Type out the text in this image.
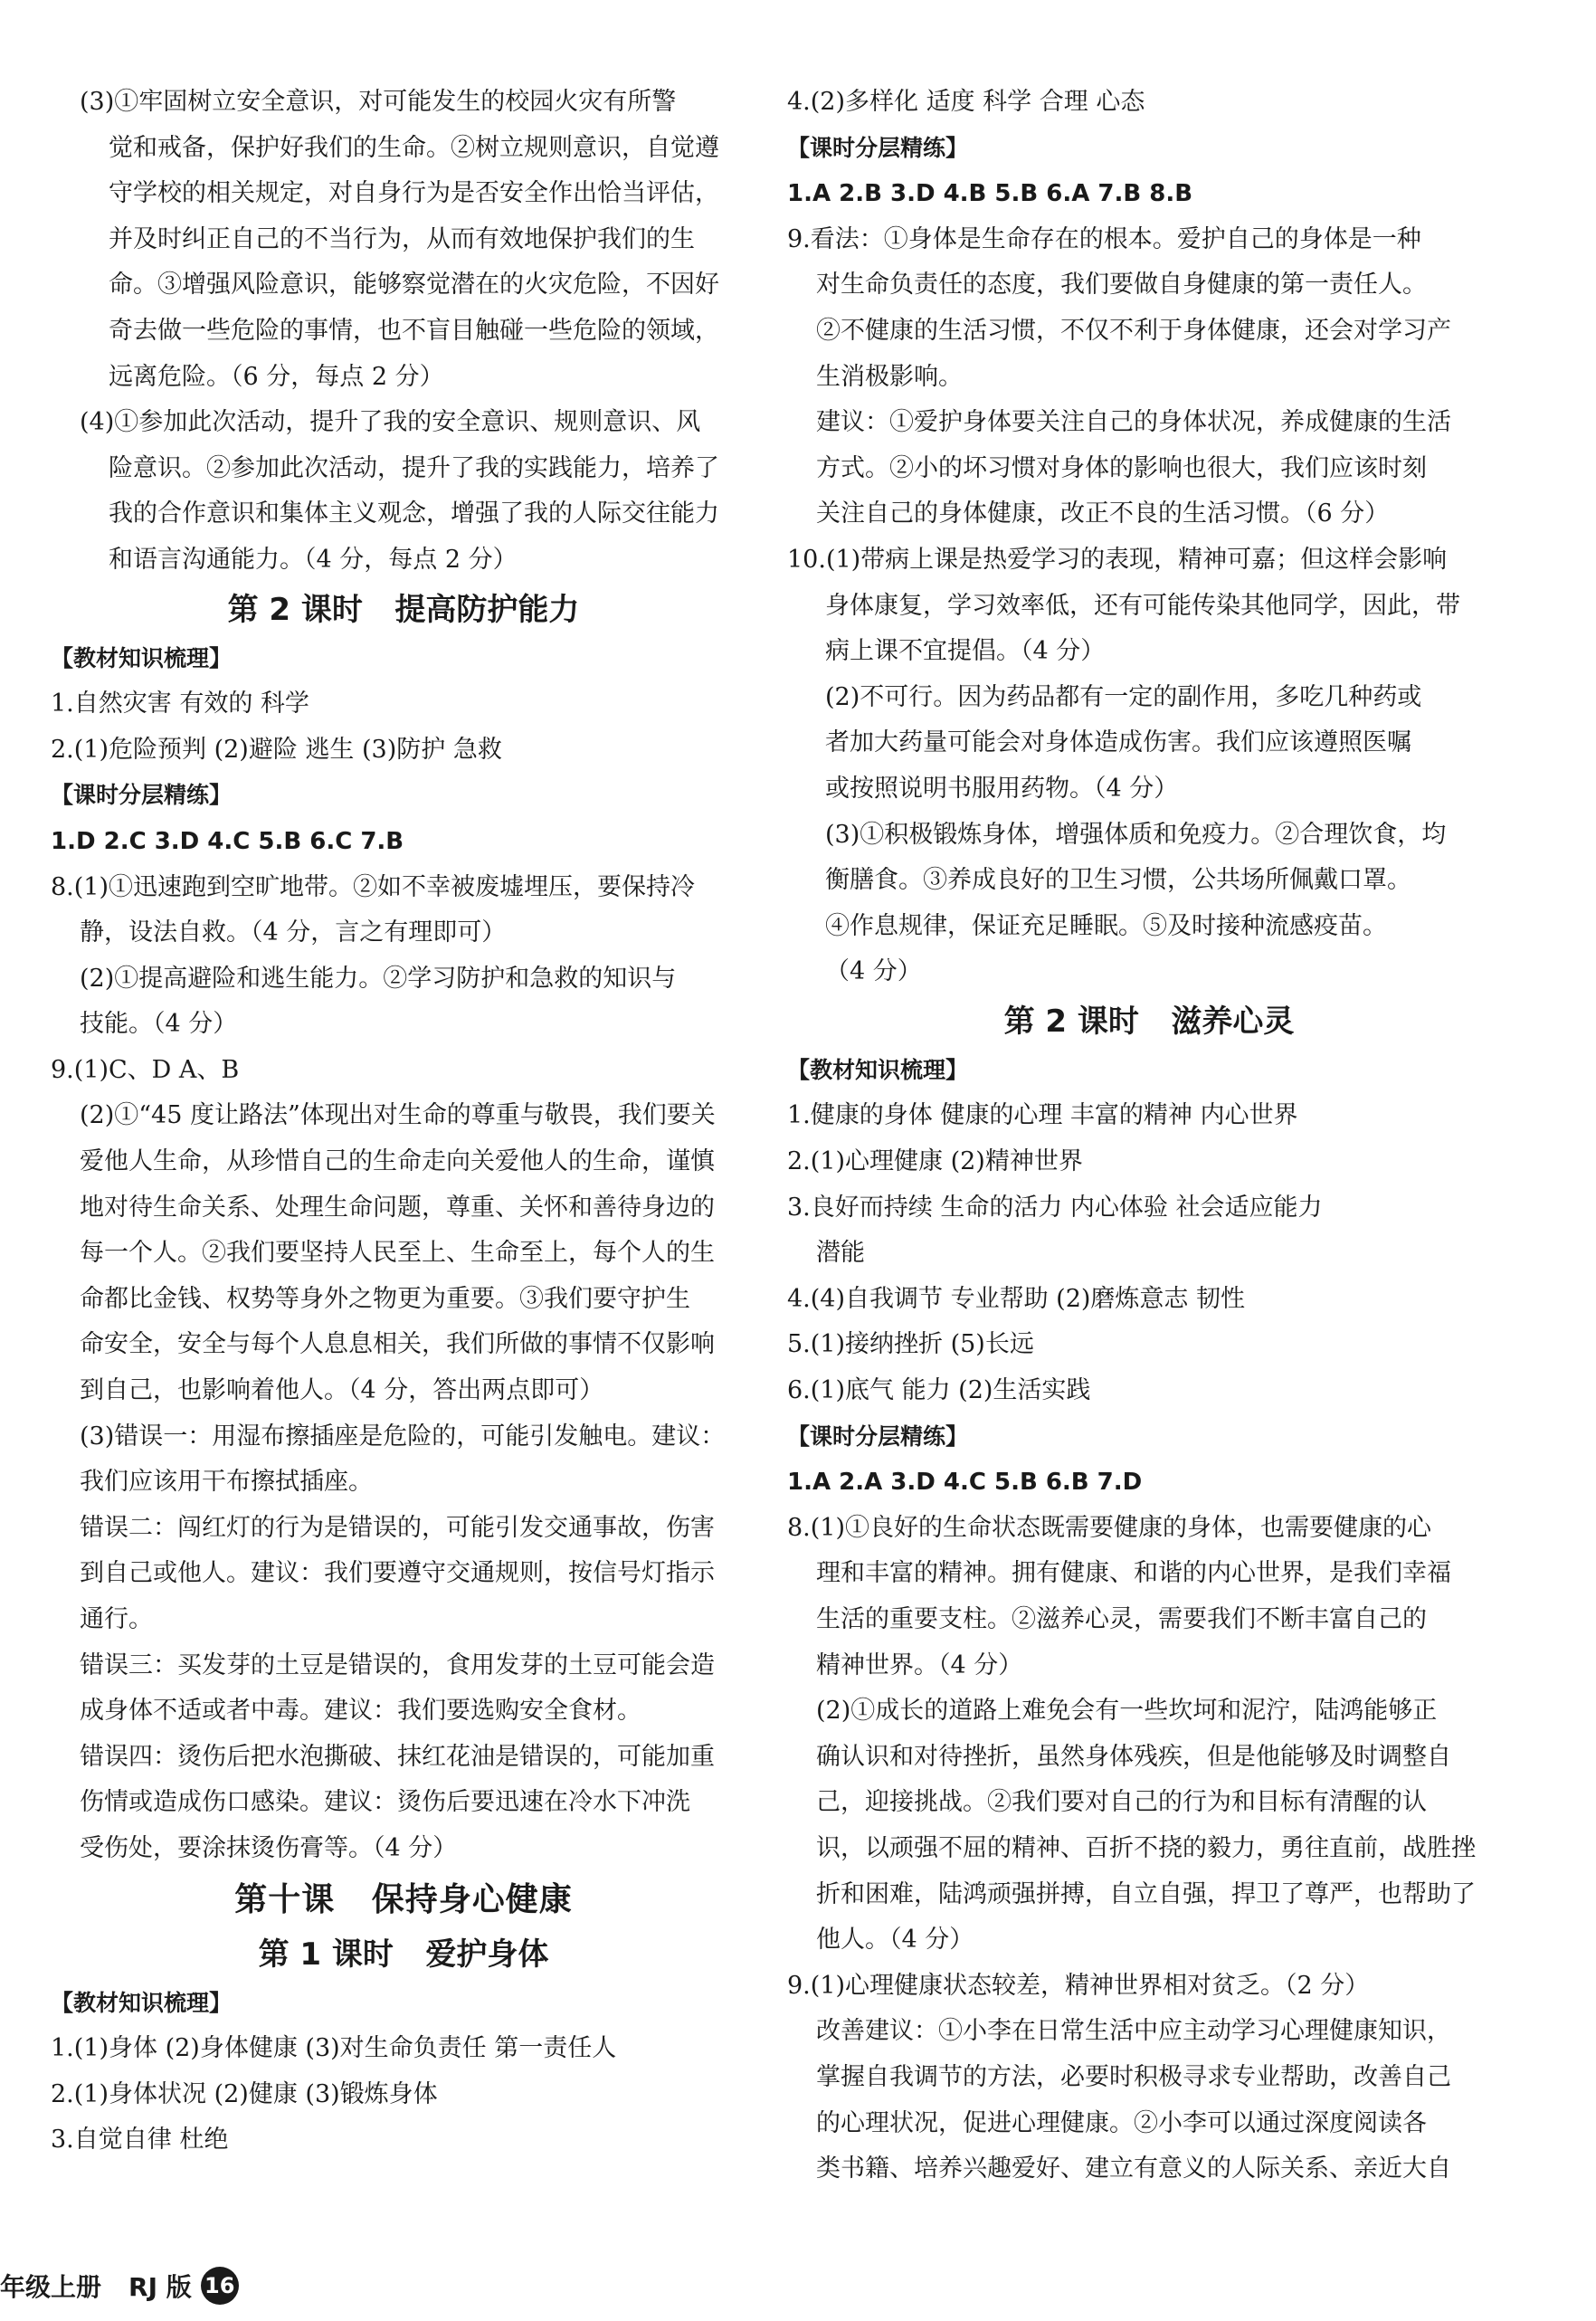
(3)①牢固树立安全意识，对可能发生的校园火灾有所警
觉和戒备，保护好我们的生命。②树立规则意识，自觉遵
守学校的相关规定，对自身行为是否安全作出恰当评估，
并及时纠正自己的不当行为，从而有效地保护我们的生
命。③增强风险意识，能够察觉潜在的火灾危险，不因好
奇去做一些危险的事情，也不盲目触碰一些危险的领域，
远离危险。（6 分，每点 2 分）
(4)①参加此次活动，提升了我的安全意识、规则意识、风
险意识。②参加此次活动，提升了我的实践能力，培养了
我的合作意识和集体主义观念，增强了我的人际交往能力
和语言沟通能力。（4 分，每点 2 分）
第 2 课时   提高防护能力
【教材知识梳理】
1.自然灾害 有效的 科学
2.(1)危险预判 (2)避险 逃生 (3)防护 急救
【课时分层精练】
1.D 2.C 3.D 4.C 5.B 6.C 7.B
8.(1)①迅速跑到空旷地带。②如不幸被废墟埋压，要保持冷
静，设法自救。（4 分，言之有理即可）
(2)①提高避险和逃生能力。②学习防护和急救的知识与
技能。（4 分）
9.(1)C、D A、B
(2)①“45 度让路法”体现出对生命的尊重与敬畏，我们要关
爱他人生命，从珍惜自己的生命走向关爱他人的生命，谨慎
地对待生命关系、处理生命问题，尊重、关怀和善待身边的
每一个人。②我们要坚持人民至上、生命至上，每个人的生
命都比金钱、权势等身外之物更为重要。③我们要守护生
命安全，安全与每个人息息相关，我们所做的事情不仅影响
到自己，也影响着他人。（4 分，答出两点即可）
(3)错误一：用湿布擦插座是危险的，可能引发触电。建议：
我们应该用干布擦拭插座。
错误二：闯红灯的行为是错误的，可能引发交通事故，伤害
到自己或他人。建议：我们要遵守交通规则，按信号灯指示
通行。
错误三：买发芽的土豆是错误的，食用发芽的土豆可能会造
成身体不适或者中毒。建议：我们要选购安全食材。
错误四：烫伤后把水泡撕破、抹红花油是错误的，可能加重
伤情或造成伤口感染。建议：烫伤后要迅速在冷水下冲洗
受伤处，要涂抹烫伤膏等。（4 分）
第十课   保持身心健康
第 1 课时   爱护身体
【教材知识梳理】
1.(1)身体 (2)身体健康 (3)对生命负责任 第一责任人
2.(1)身体状况 (2)健康 (3)锻炼身体
3.自觉自律 杜绝
4.(2)多样化 适度 科学 合理 心态
【课时分层精练】
1.A 2.B 3.D 4.B 5.B 6.A 7.B 8.B
9.看法：①身体是生命存在的根本。爱护自己的身体是一种
对生命负责任的态度，我们要做自身健康的第一责任人。
②不健康的生活习惯，不仅不利于身体健康，还会对学习产
生消极影响。
建议：①爱护身体要关注自己的身体状况，养成健康的生活
方式。②小的坏习惯对身体的影响也很大，我们应该时刻
关注自己的身体健康，改正不良的生活习惯。（6 分）
10.(1)带病上课是热爱学习的表现，精神可嘉；但这样会影响
身体康复，学习效率低，还有可能传染其他同学，因此，带
病上课不宜提倡。（4 分）
(2)不可行。因为药品都有一定的副作用，多吃几种药或
者加大药量可能会对身体造成伤害。我们应该遵照医嘱
或按照说明书服用药物。（4 分）
(3)①积极锻炼身体，增强体质和免疫力。②合理饮食，均
衡膳食。③养成良好的卫生习惯，公共场所佩戴口罩。
④作息规律，保证充足睡眠。⑤及时接种流感疫苗。
（4 分）
第 2 课时   滋养心灵
【教材知识梳理】
1.健康的身体 健康的心理 丰富的精神 内心世界
2.(1)心理健康 (2)精神世界
3.良好而持续 生命的活力 内心体验 社会适应能力
潜能
4.(4)自我调节 专业帮助 (2)磨炼意志 韧性
5.(1)接纳挫折 (5)长远
6.(1)底气 能力 (2)生活实践
【课时分层精练】
1.A 2.A 3.D 4.C 5.B 6.B 7.D
8.(1)①良好的生命状态既需要健康的身体，也需要健康的心
理和丰富的精神。拥有健康、和谐的内心世界，是我们幸福
生活的重要支柱。②滋养心灵，需要我们不断丰富自己的
精神世界。（4 分）
(2)①成长的道路上难免会有一些坎坷和泥泞，陆鸿能够正
确认识和对待挫折，虽然身体残疾，但是他能够及时调整自
己，迎接挑战。②我们要对自己的行为和目标有清醒的认
识，以顽强不屈的精神、百折不挠的毅力，勇往直前，战胜挫
折和困难，陆鸿顽强拼搏，自立自强，捍卫了尊严，也帮助了
他人。（4 分）
9.(1)心理健康状态较差，精神世界相对贫乏。（2 分）
改善建议：①小李在日常生活中应主动学习心理健康知识，
掌握自我调节的方法，必要时积极寻求专业帮助，改善自己
的心理状况，促进心理健康。②小李可以通过深度阅读各
类书籍、培养兴趣爱好、建立有意义的人际关系、亲近大自
年级上册 RJ 版 16
